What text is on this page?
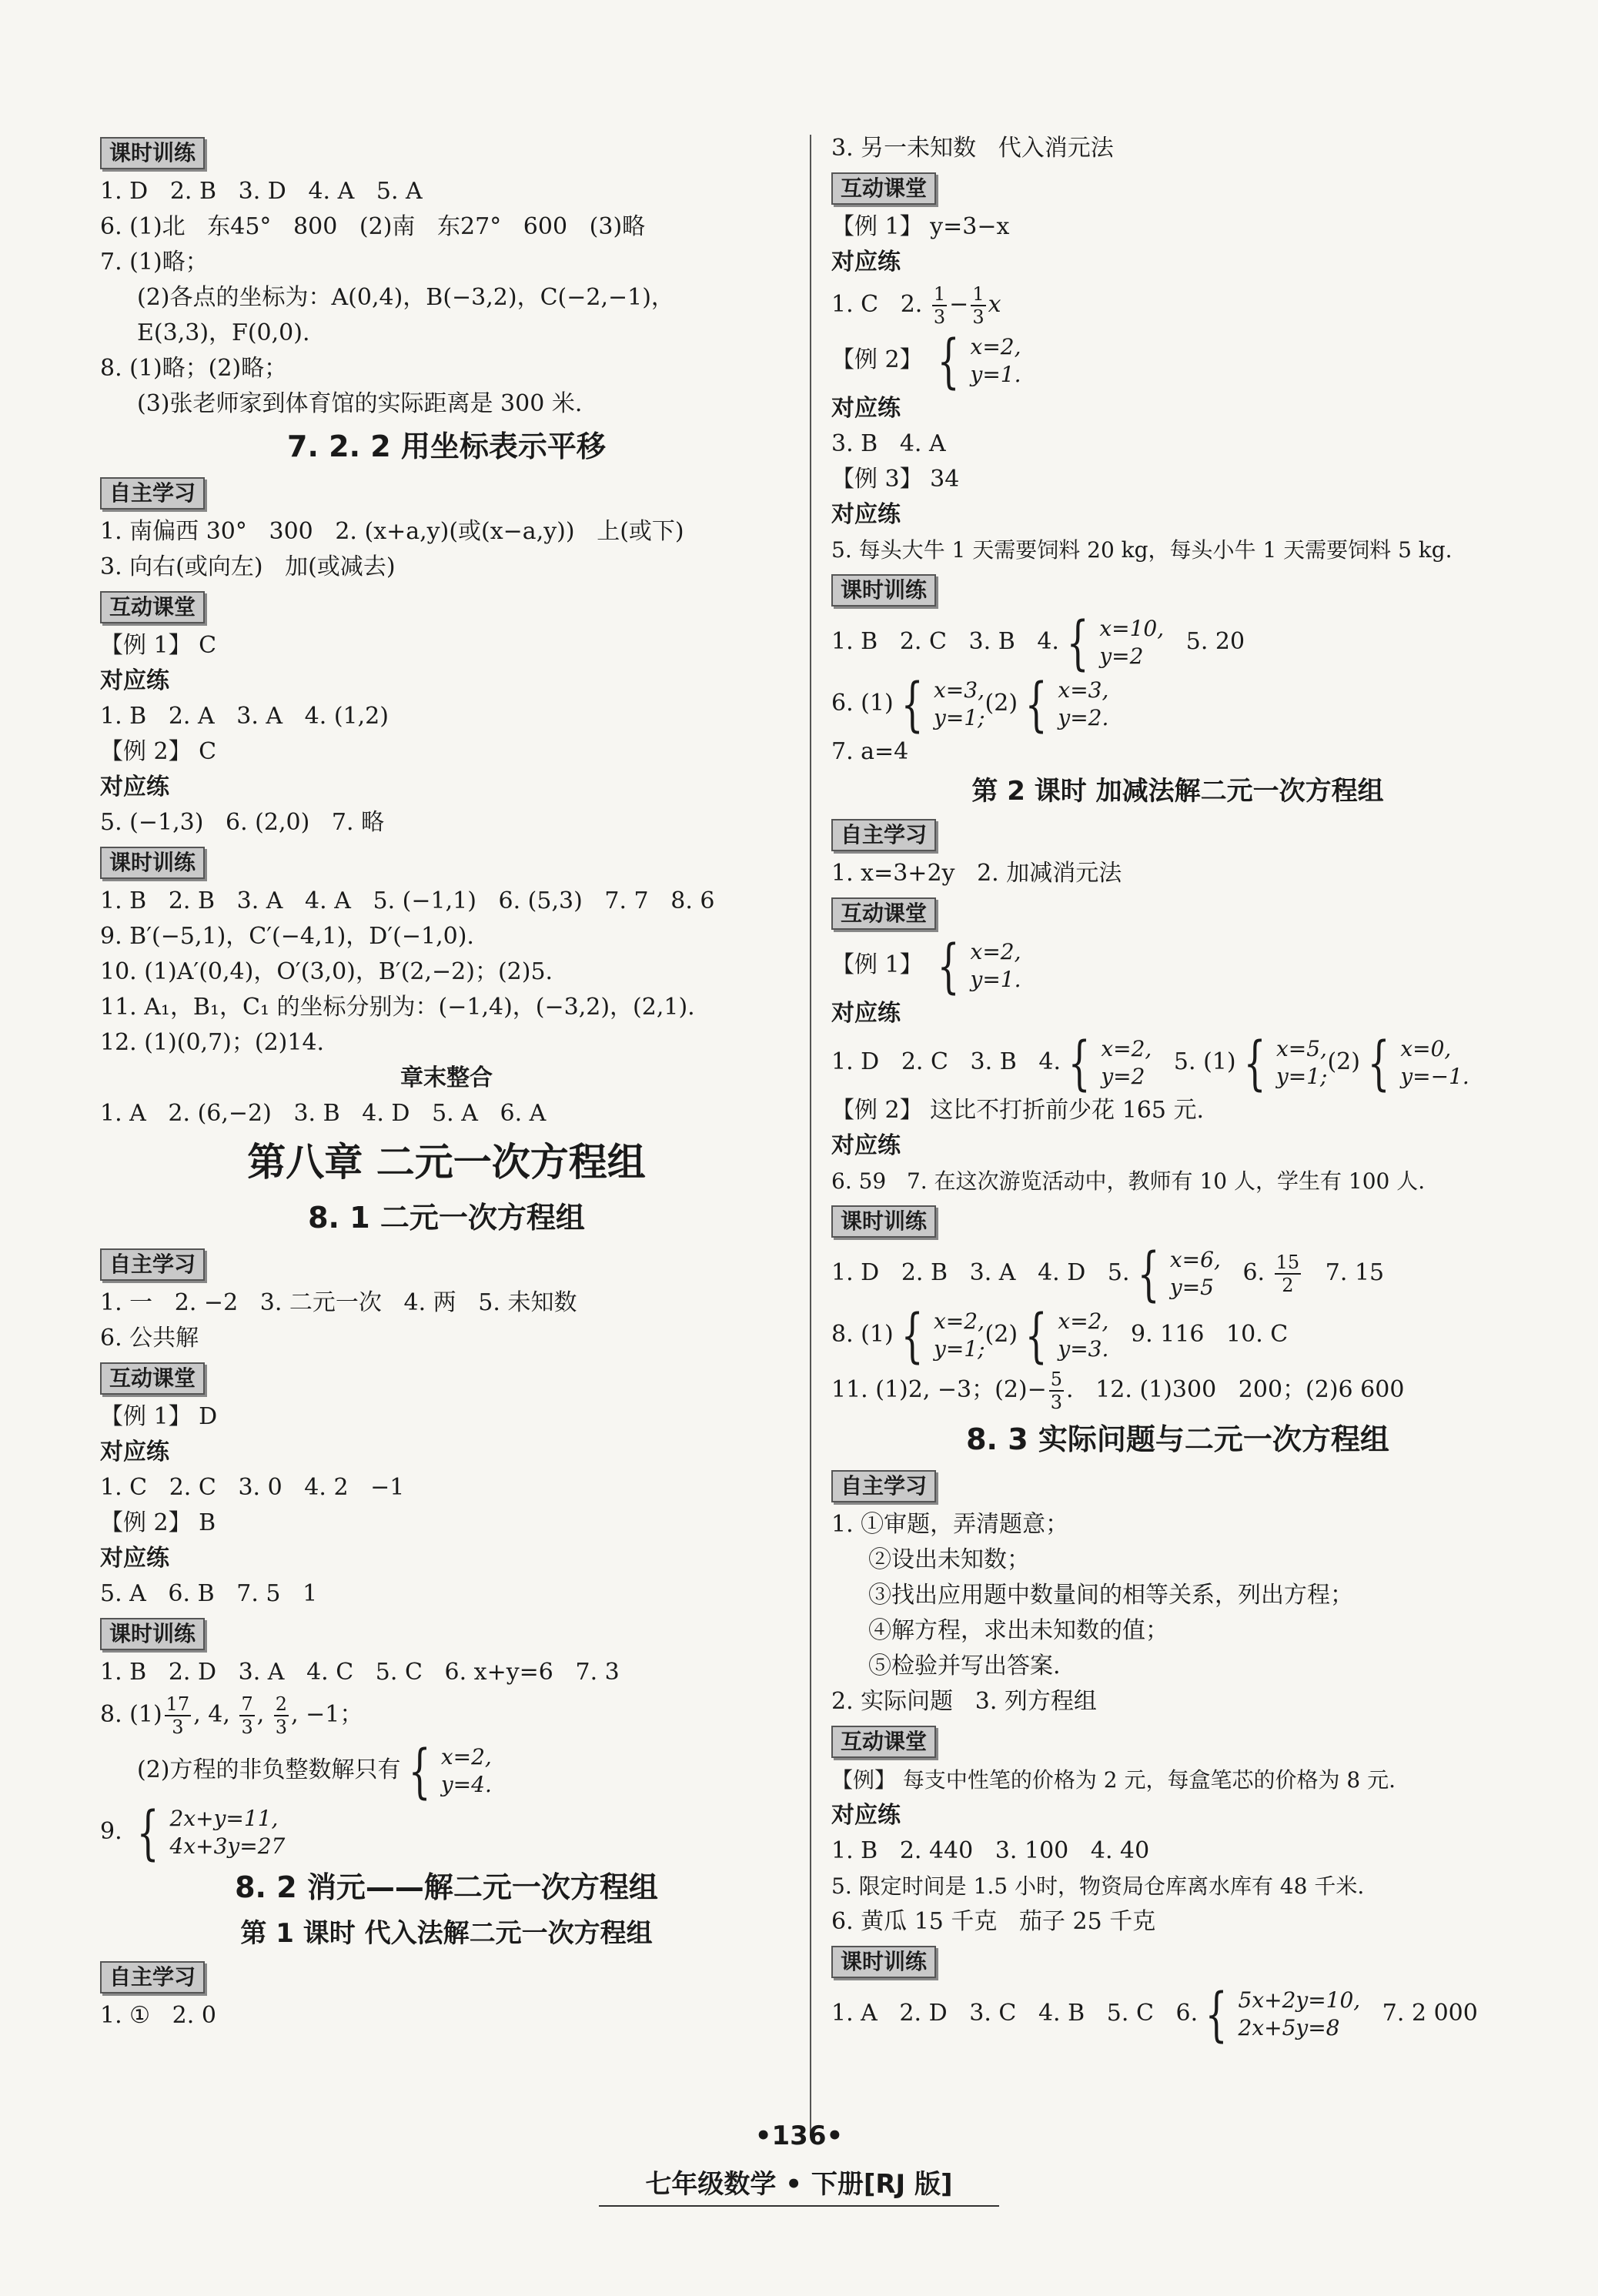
课时训练
1. D   2. B   3. D   4. A   5. A
6. (1)北   东45°   800   (2)南   东27°   600   (3)略
7. (1)略；
(2)各点的坐标为：A(0,4)，B(−3,2)，C(−2,−1)，
E(3,3)，F(0,0).
8. (1)略；(2)略；
(3)张老师家到体育馆的实际距离是 300 米.
7. 2. 2 用坐标表示平移
自主学习
1. 南偏西 30°   300   2. (x+a,y)(或(x−a,y))   上(或下)
3. 向右(或向左)   加(或减去)
互动课堂
【例 1】 C
对应练
1. B   2. A   3. A   4. (1,2)
【例 2】 C
对应练
5. (−1,3)   6. (2,0)   7. 略
课时训练
1. B   2. B   3. A   4. A   5. (−1,1)   6. (5,3)   7. 7   8. 6
9. B′(−5,1)，C′(−4,1)，D′(−1,0).
10. (1)A′(0,4)，O′(3,0)，B′(2,−2)；(2)5.
11. A₁，B₁，C₁ 的坐标分别为：(−1,4)，(−3,2)，(2,1).
12. (1)(0,7)；(2)14.
章末整合
1. A   2. (6,−2)   3. B   4. D   5. A   6. A
第八章 二元一次方程组
8. 1 二元一次方程组
自主学习
1. 一   2. −2   3. 二元一次   4. 两   5. 未知数
6. 公共解
互动课堂
【例 1】 D
对应练
1. C   2. C   3. 0   4. 2   −1
【例 2】 B
对应练
5. A   6. B   7. 5   1
课时训练
1. B   2. D   3. A   4. C   5. C   6. x+y=6   7. 3
8. $(1) \frac{17}{3}$ , 4, $\frac{7}{3}$ , $\frac{2}{3}$ , −1；
(2)方程的非负整数解只有 { x=2,
y=4.
9. { 2x+y=11,
4x+3y=27
8. 2 消元——解二元一次方程组
第 1 课时 代入法解二元一次方程组
自主学习
1. ①   2. 0
3. 另一未知数   代入消元法
互动课堂
【例 1】 y=3−x
对应练
1. C   2. $\frac{1}{3} - \frac{1}{3}$ x
【例 2】 { x=2,
y=1.
对应练
3. B   4. A
【例 3】 34
对应练
5. 每头大牛 1 天需要饲料 20 kg，每头小牛 1 天需要饲料 5 kg.
课时训练
1. B   2. C   3. B   4. { x=10,
y=2
5. 20
6. (1) { x=3,
y=1;
(2) { x=3,
y=2.
7. a=4
第 2 课时 加减法解二元一次方程组
自主学习
1. x=3+2y   2. 加减消元法
互动课堂
【例 1】 { x=2,
y=1.
对应练
1. D   2. C   3. B   4. { x=2,
y=2
5. (1) { x=5,
y=1;
(2) { x=0,
y=−1.
【例 2】 这比不打折前少花 165 元.
对应练
6. 59   7. 在这次游览活动中，教师有 10 人，学生有 100 人.
课时训练
1. D   2. B   3. A   4. D   5. { x=6,
y=5
6. $\frac{15}{2} 7$. 15
8. (1) { x=2,
y=1;
(2) { x=2,
y=3.
9. 116   10. C
11. (1)2, −3；$(2)- \frac{5}{3}$ .   12. (1)300   200；(2)6 600
8. 3 实际问题与二元一次方程组
自主学习
1. ①审题，弄清题意；
②设出未知数；
③找出应用题中数量间的相等关系，列出方程；
④解方程，求出未知数的值；
⑤检验并写出答案.
2. 实际问题   3. 列方程组
互动课堂
【例】 每支中性笔的价格为 2 元，每盒笔芯的价格为 8 元.
对应练
1. B   2. 440   3. 100   4. 40
5. 限定时间是 1.5 小时，物资局仓库离水库有 48 千米.
6. 黄瓜 15 千克   茄子 25 千克
课时训练
1. A   2. D   3. C   4. B   5. C   6. { 5x+2y=10,
2x+5y=8
7. 2 000
•136•
七年级数学 • 下册[RJ 版]
